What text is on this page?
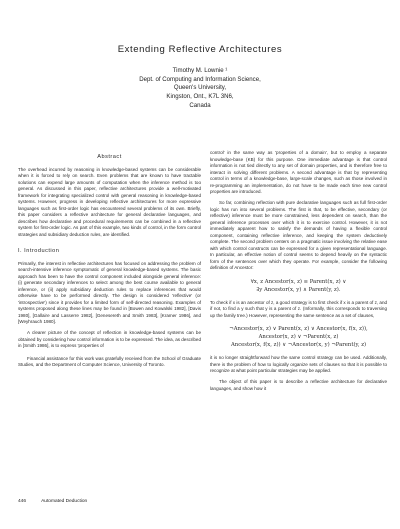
Extending Reflective Architectures
Timothy M. Lownie ¹
Dept. of Computing and Information Science,
Queen's University,
Kingston, Ont., K7L 3N6,
Canada
Abstract

The overhead incurred by reasoning in knowledge-based systems can be considerable when it is forced to rely on search. Even problems that are known to have tractable solutions can expend large amounts of computation when the inference method is too general. As discussed in this paper, reflective architectures provide a well-motivated framework for integrating specialized control with general reasoning in knowledge-based systems. However, progress in developing reflective architectures for more expressive languages such as first-order logic has encountered several problems of its own. Briefly, this paper considers a reflective architecture for general declarative languages, and describes how declarative and procedural requirements can be combined in a reflective system for first-order logic. As part of this example, two kinds of control, in the form control strategies and subsidiary deduction rules, are identified.

I. Introduction

Primarily, the interest in reflective architectures has focused on addressing the problem of search-intensive inference symptomatic of general knowledge-based systems. The basic approach has been to have the control component included alongside general inference: (i) generate secondary inferences to select among the best course available to general inference, or (ii) apply subsidiary deduction rules to replace inferences that would otherwise have to be performed directly. The design is considered 'reflective' (or 'introspective') since it provides for a limited form of self-directed reasoning. Examples of systems proposed along these lines may be found in [Bowen and Kowalski 1982], [Davis 1980], [Gallaire and Lasserre 1982], [Genesereth and Smith 1983], [Kramer 1986], and [Weyhrauch 1980].

A clearer picture of the concept of reflection in knowledge-based systems can be obtained by considering how control information is to be expressed. The idea, as described in [Smith 1986], is to express 'properties of

Financial assistance for this work was gratefully received from the School of Graduate Studies, and the Department of Computer Science, University of Toronto.

control' in the same way as 'properties of a domain', but to employ a separate knowledge-base (KB) for this purpose. One immediate advantage is that control information is not tied directly to any set of domain properties, and is therefore free to interact in solving different problems. A second advantage is that by representing control in terms of a knowledge-base, large-scale changes, such as those involved in re-programming an implementation, do not have to be made each time new control properties are introduced.

So far, combining reflection with pure declarative languages such as full first-order logic has run into several problems. The first is that, to be effective, secondary (or reflective) inference must be more constrained, less dependent on search, than the general inference processes over which it is to exercise control. However, it is not immediately apparent how to satisfy the demands of having a flexible control component, containing reflective inference, and keeping the system deductively complete. The second problem centers on a pragmatic issue involving the relative ease with which control constructs can be expressed for a given representational language. In particular, an effective notion of control seems to depend heavily on the syntactic form of the sentences over which they operate. For example, consider the following definition of Ancestor:

∀x, z Ancestor(x, z) ≡ Parent(x, z) ∨
∃y Ancestor(x, y) ∧ Parent(y, z).

To check if x is an ancestor of z, a good strategy is to first check if x is a parent of z, and if not, to find a y such that y is a parent of z. (Informally, this corresponds to traversing up the family tree.) However, representing the same sentence as a set of clauses,

¬Ancestor(x, z) ∨ Parent(x, z) ∨ Ancestor(x, f(x, z)),
Ancestor(x, z) ∨ ¬Parent(x, z)
Ancestor(x, f(x, z)) ∨ ¬Ancestor(x, y) ¬Parent(y, z)

it is no longer straightforward how the same control strategy can be used. Additionally, there is the problem of how to logically organize sets of clauses so that it is possible to recognize at what point particular strategies may be applied.

The object of this paper is to describe a reflective architecture for declarative languages, and show how it

446	Automated Deduction
